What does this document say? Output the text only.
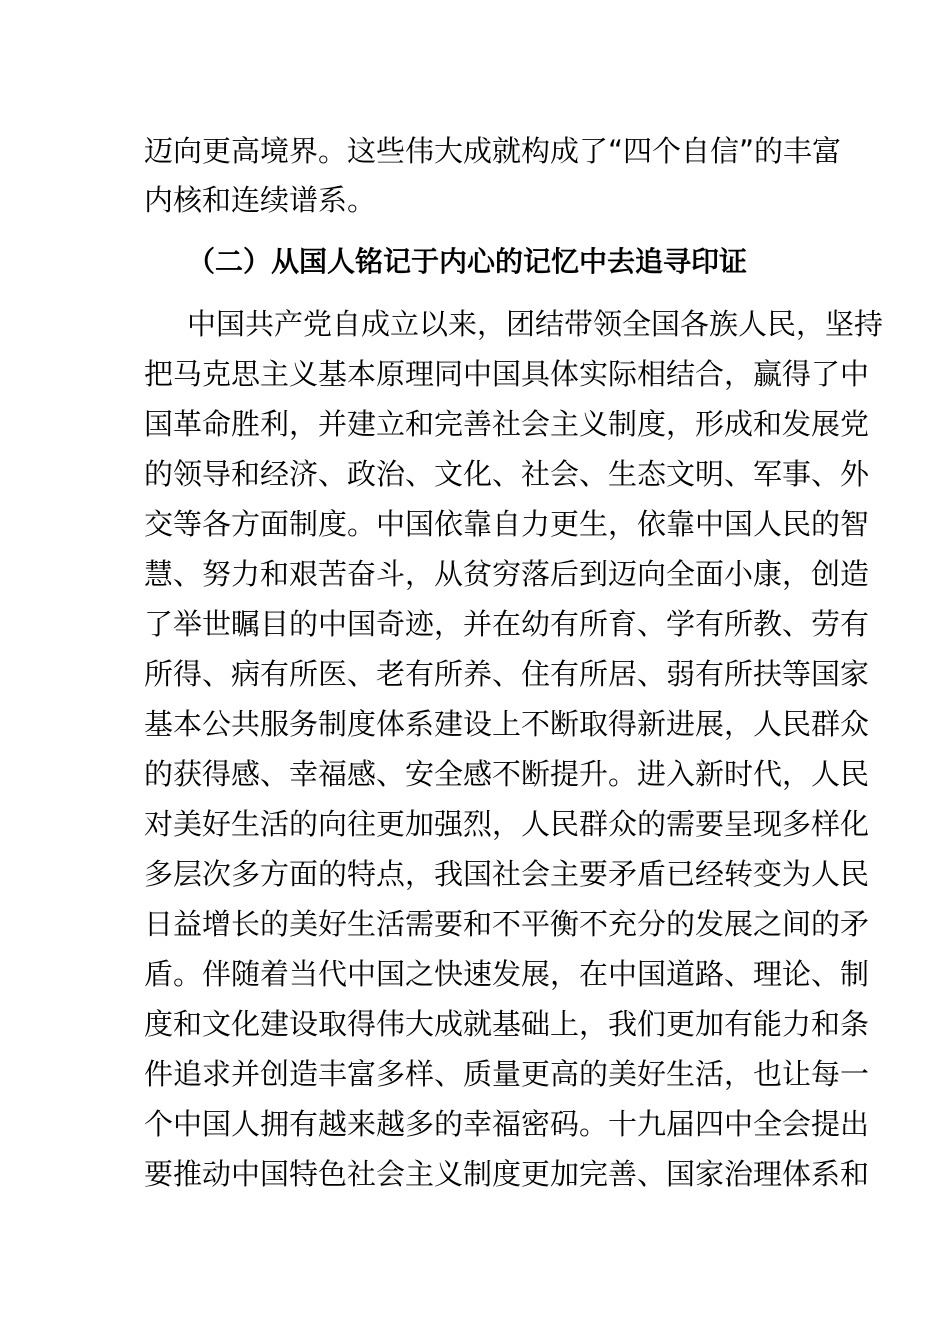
迈向更高境界。这些伟大成就构成了“四个自信”的丰富
内核和连续谱系。
（二）从国人铭记于内心的记忆中去追寻印证
中国共产党自成立以来，团结带领全国各族人民，坚持
把马克思主义基本原理同中国具体实际相结合，赢得了中
国革命胜利，并建立和完善社会主义制度，形成和发展党
的领导和经济、政治、文化、社会、生态文明、军事、外
交等各方面制度。中国依靠自力更生，依靠中国人民的智
慧、努力和艰苦奋斗，从贫穷落后到迈向全面小康，创造
了举世瞩目的中国奇迹，并在幼有所育、学有所教、劳有
所得、病有所医、老有所养、住有所居、弱有所扶等国家
基本公共服务制度体系建设上不断取得新进展，人民群众
的获得感、幸福感、安全感不断提升。进入新时代，人民
对美好生活的向往更加强烈，人民群众的需要呈现多样化
多层次多方面的特点，我国社会主要矛盾已经转变为人民
日益增长的美好生活需要和不平衡不充分的发展之间的矛
盾。伴随着当代中国之快速发展，在中国道路、理论、制
度和文化建设取得伟大成就基础上，我们更加有能力和条
件追求并创造丰富多样、质量更高的美好生活，也让每一
个中国人拥有越来越多的幸福密码。十九届四中全会提出
要推动中国特色社会主义制度更加完善、国家治理体系和
